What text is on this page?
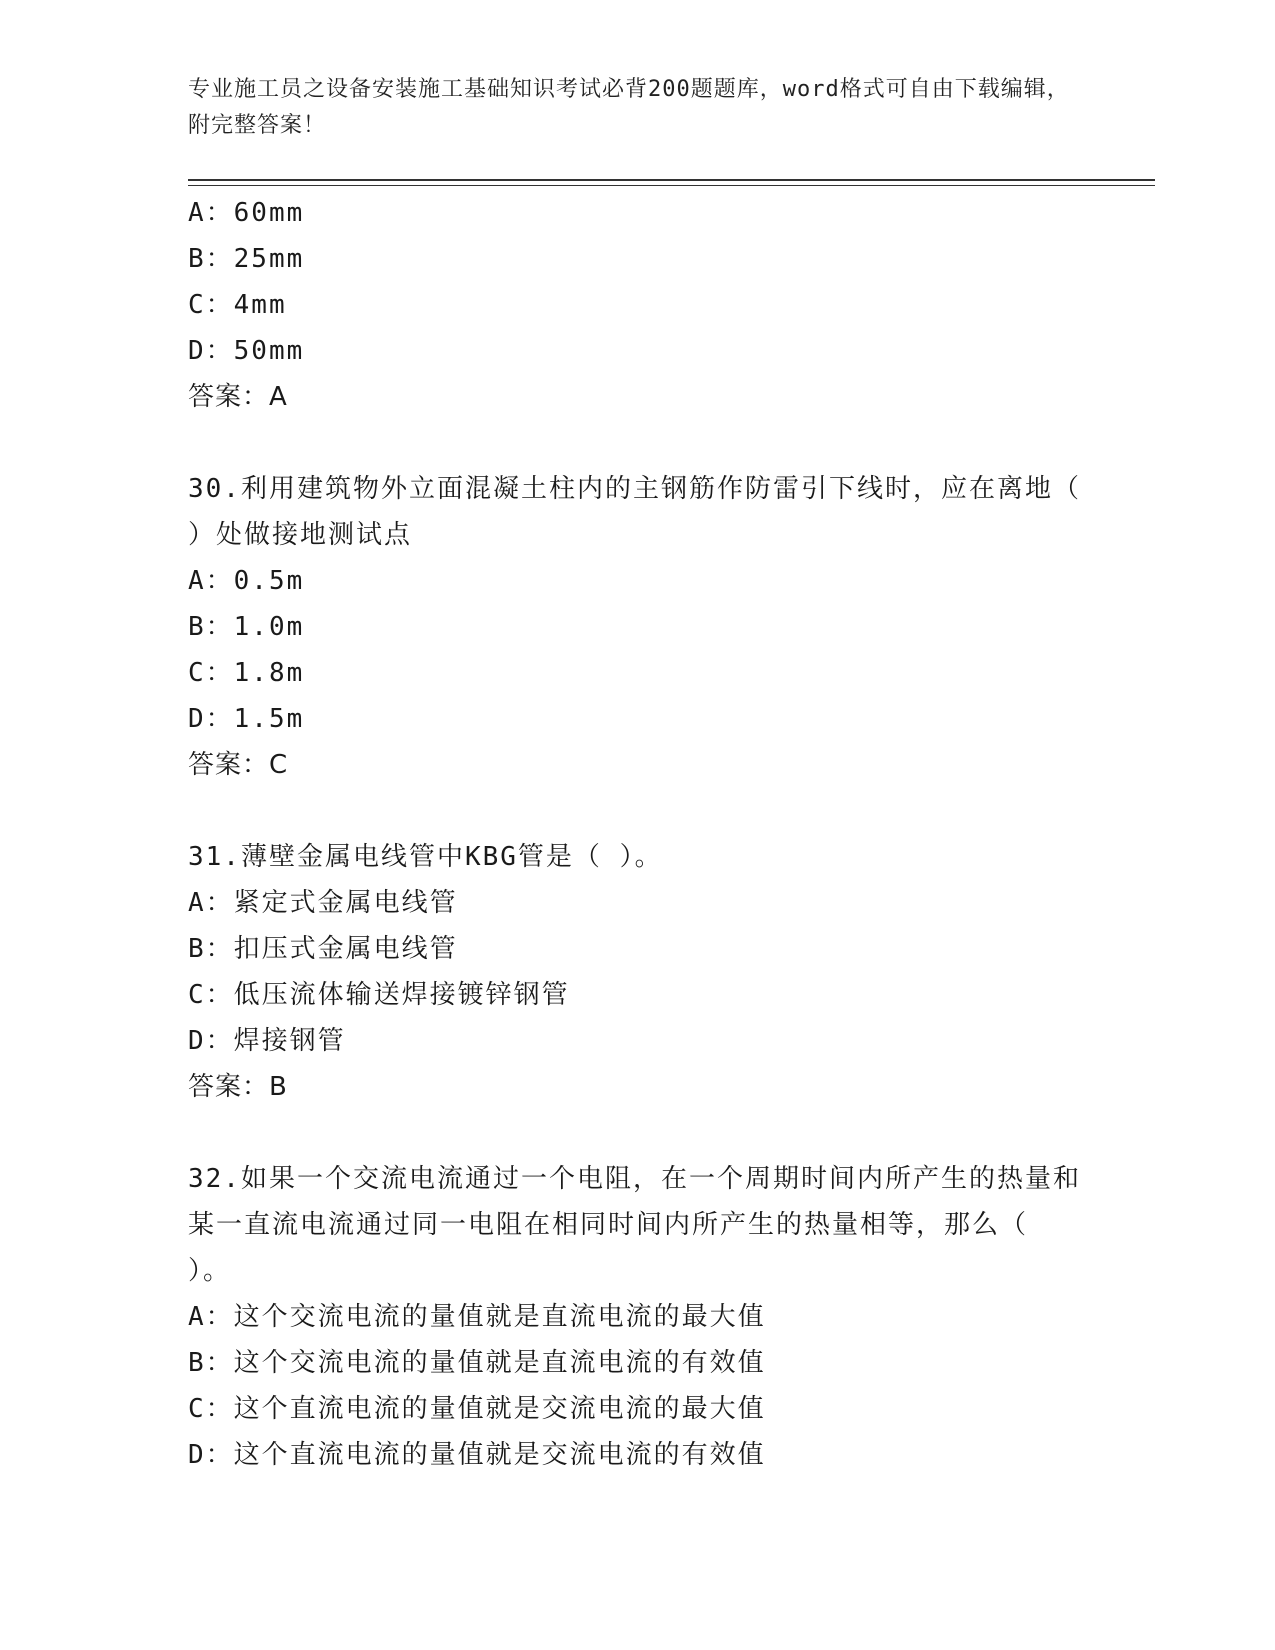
专业施工员之设备安装施工基础知识考试必背200题题库，word格式可自由下载编辑，附完整答案！
A：60mm
B：25mm
C：4mm
D：50mm
答案：A
30.利用建筑物外立面混凝土柱内的主钢筋作防雷引下线时，应在离地（ ）处做接地测试点
A：0.5m
B：1.0m
C：1.8m
D：1.5m
答案：C
31.薄壁金属电线管中KBG管是（ ）。
A：紧定式金属电线管
B：扣压式金属电线管
C：低压流体输送焊接镀锌钢管
D：焊接钢管
答案：B
32.如果一个交流电流通过一个电阻，在一个周期时间内所产生的热量和某一直流电流通过同一电阻在相同时间内所产生的热量相等，那么（ ）。
A：这个交流电流的量值就是直流电流的最大值
B：这个交流电流的量值就是直流电流的有效值
C：这个直流电流的量值就是交流电流的最大值
D：这个直流电流的量值就是交流电流的有效值
